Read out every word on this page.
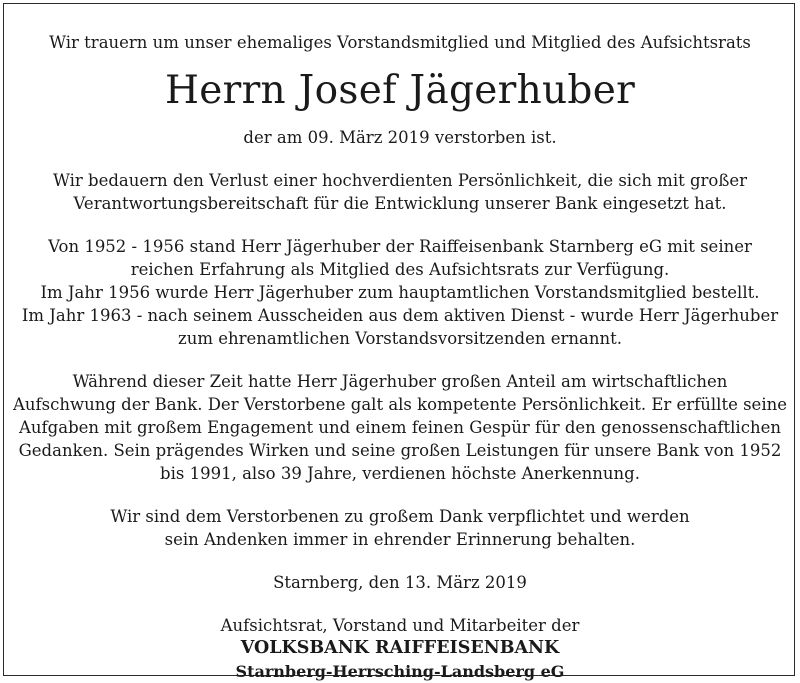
Wir trauern um unser ehemaliges Vorstandsmitglied und Mitglied des Aufsichtsrats
Herrn Josef Jägerhuber
der am 09. März 2019 verstorben ist.
Wir bedauern den Verlust einer hochverdienten Persönlichkeit, die sich mit großer
Verantwortungsbereitschaft für die Entwicklung unserer Bank eingesetzt hat.
Von 1952 - 1956 stand Herr Jägerhuber der Raiffeisenbank Starnberg eG mit seiner
reichen Erfahrung als Mitglied des Aufsichtsrats zur Verfügung.
Im Jahr 1956 wurde Herr Jägerhuber zum hauptamtlichen Vorstandsmitglied bestellt.
Im Jahr 1963 - nach seinem Ausscheiden aus dem aktiven Dienst - wurde Herr Jägerhuber
zum ehrenamtlichen Vorstandsvorsitzenden ernannt.
Während dieser Zeit hatte Herr Jägerhuber großen Anteil am wirtschaftlichen
Aufschwung der Bank. Der Verstorbene galt als kompetente Persönlichkeit. Er erfüllte seine
Aufgaben mit großem Engagement und einem feinen Gespür für den genossenschaftlichen
Gedanken. Sein prägendes Wirken und seine großen Leistungen für unsere Bank von 1952
bis 1991, also 39 Jahre, verdienen höchste Anerkennung.
Wir sind dem Verstorbenen zu großem Dank verpflichtet und werden
sein Andenken immer in ehrender Erinnerung behalten.
Starnberg, den 13. März 2019
Aufsichtsrat, Vorstand und Mitarbeiter der
VOLKSBANK RAIFFEISENBANK
Starnberg-Herrsching-Landsberg eG
